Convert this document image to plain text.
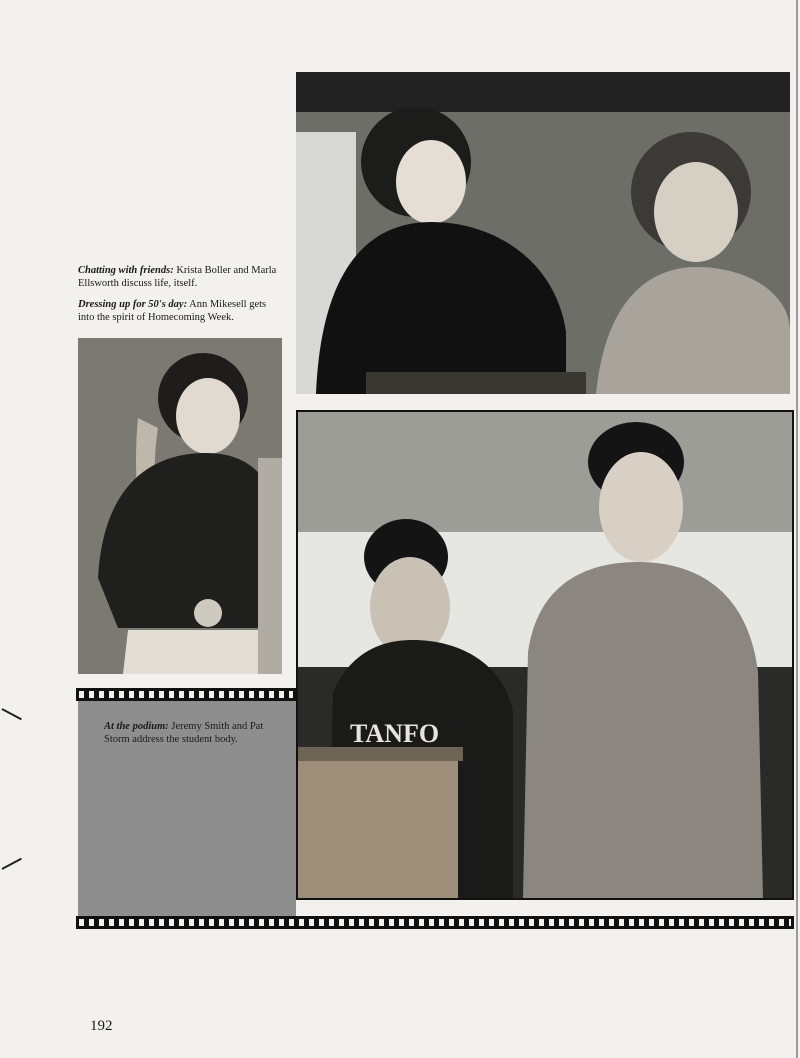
Chatting with friends: Krista Boller and Marla Ellsworth discuss life, itself.
Dressing up for 50's day: Ann Mikesell gets into the spirit of Homecoming Week.
TANFO
At the podium: Jeremy Smith and Pat Storm address the student body.
192
